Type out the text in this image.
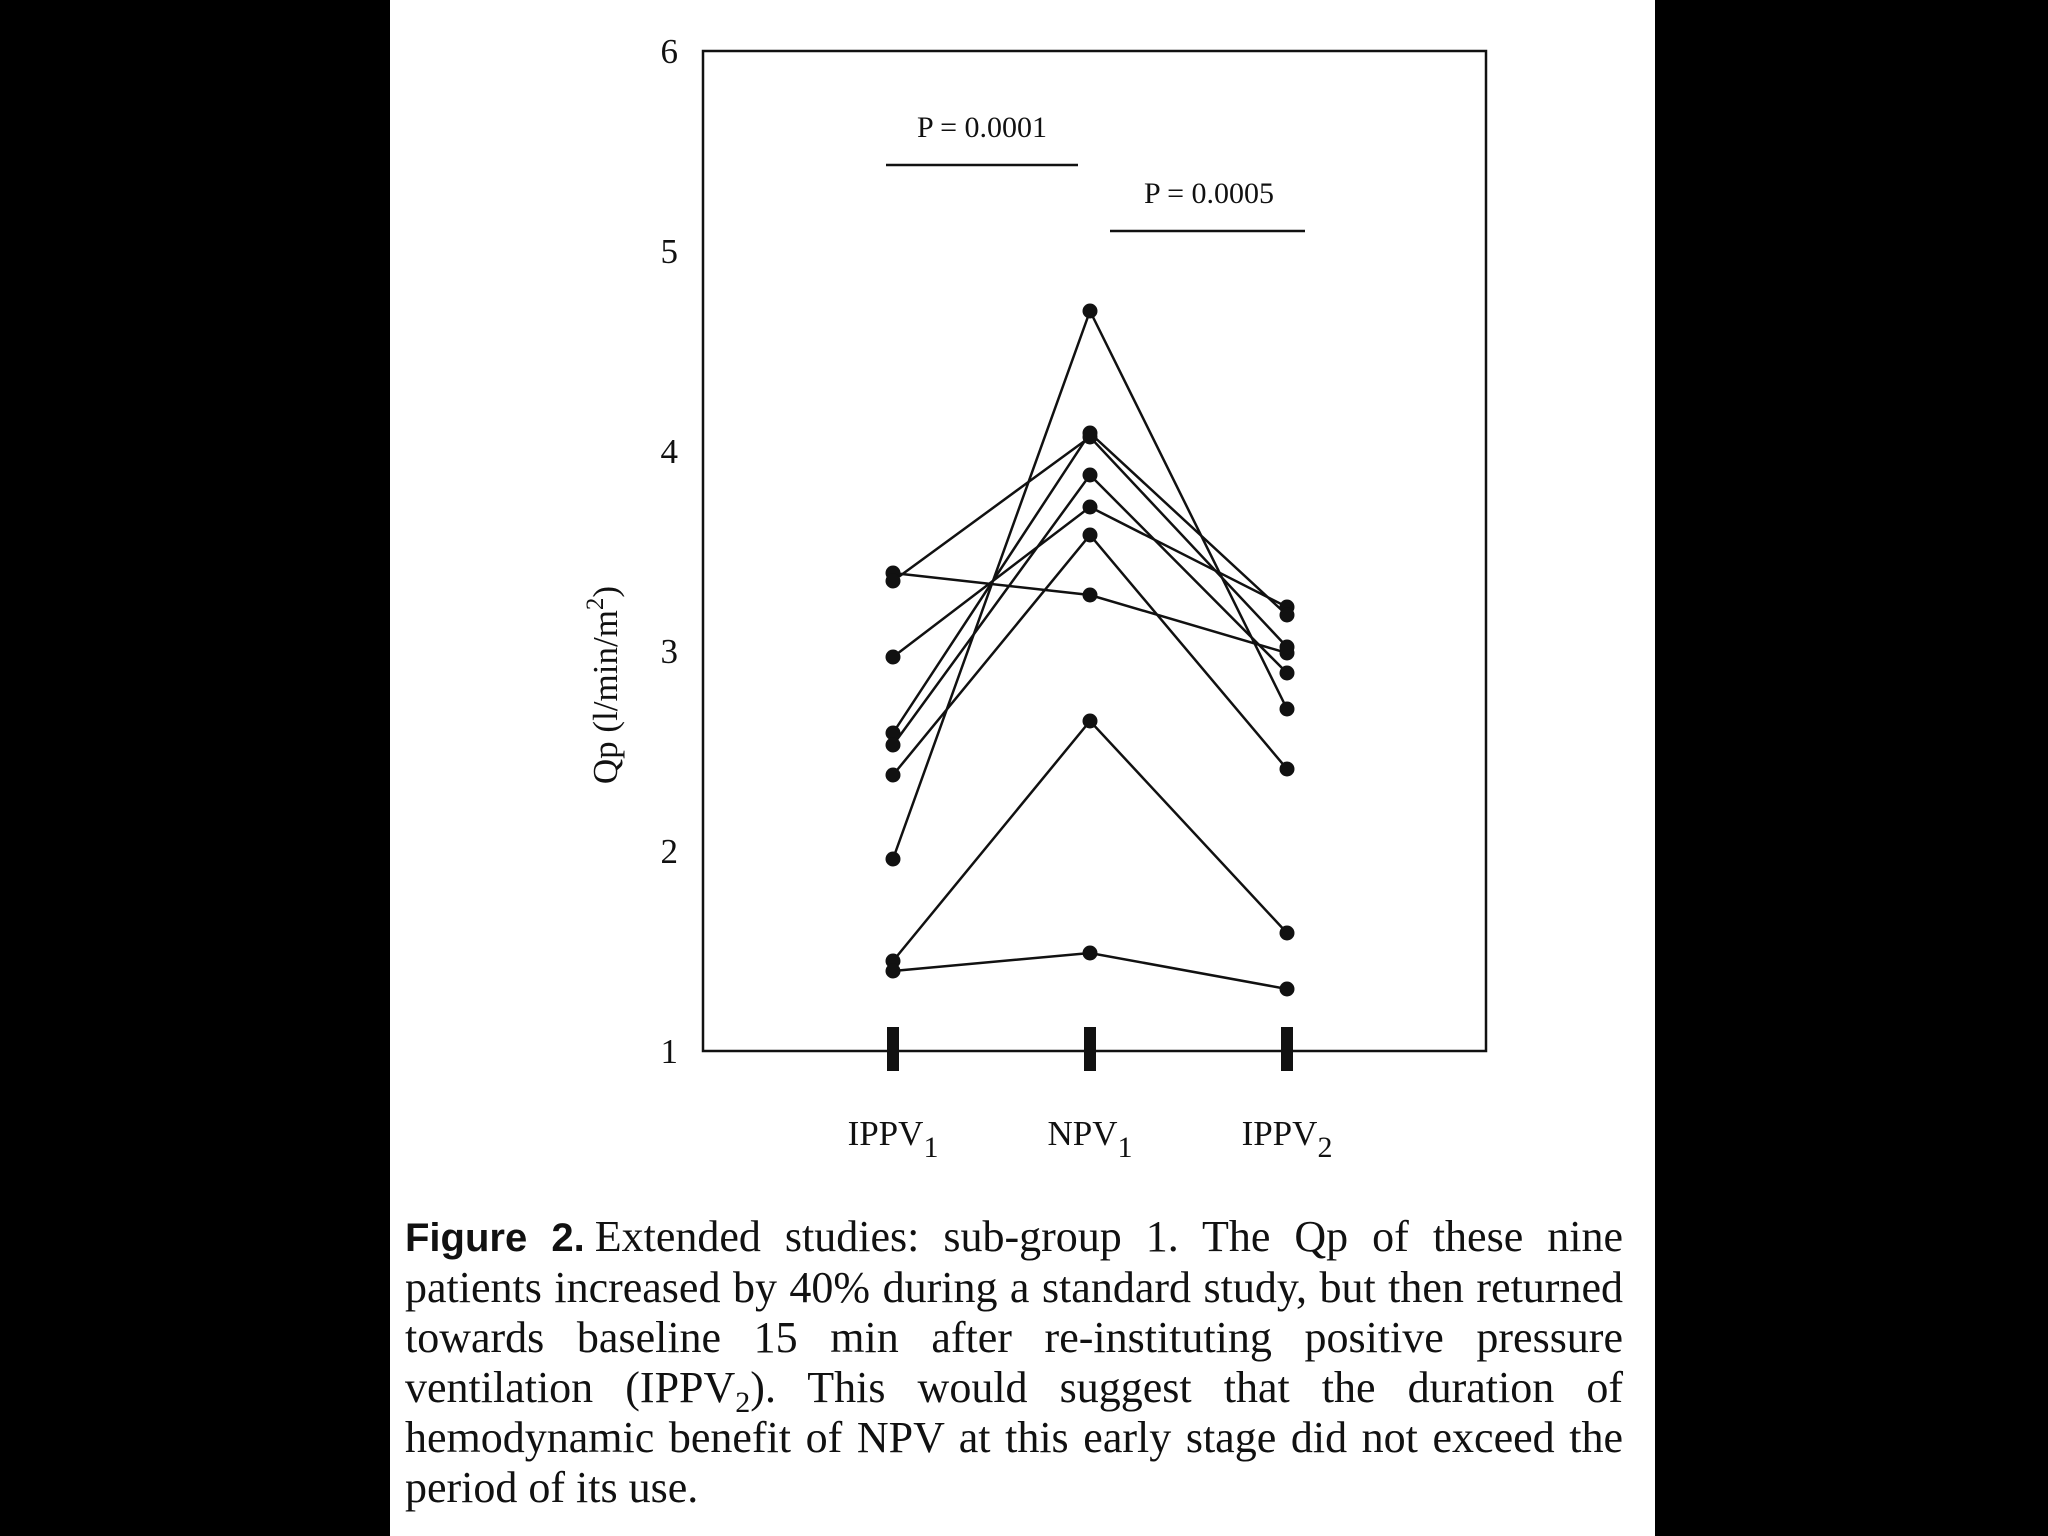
1
2
3
4
5
6
IPPV1	NPV1	IPPV2
P = 0.0001
P = 0.0005
Qp $(l/\min/m^2)$
Figure 2. Extended studies: sub-group 1. The Qp of these nine patients increased by 40% during a standard study, but then returned towards baseline 15 min after re-instituting positive pressure ventilation $(IPPV_2)$. This would suggest that the duration of hemodynamic benefit of NPV at this early stage did not exceed the period of its use.
